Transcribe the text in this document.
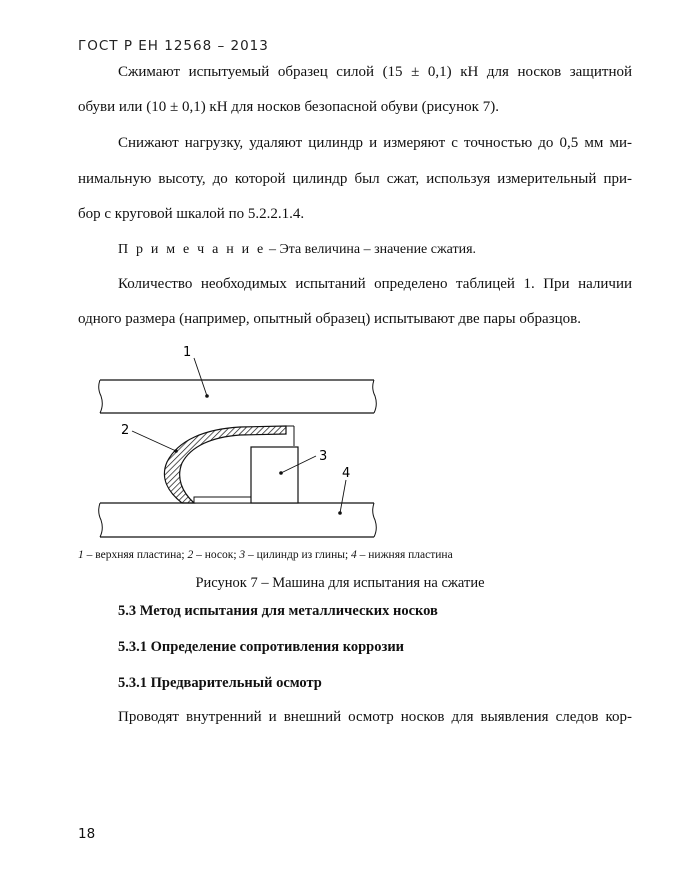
ГОСТ Р ЕН 12568 – 2013
Сжимают испытуемый образец силой (15 ± 0,1) кН для носков защитной
обуви или (10 ± 0,1) кН для носков безопасной обуви (рисунок 7).
Снижают нагрузку, удаляют цилиндр и измеряют с точностью до 0,5 мм ми-
нимальную высоту, до которой цилиндр был сжат, используя измерительный при-
бор с круговой шкалой по 5.2.2.1.4.
П р и м е ч а н и е – Эта величина – значение сжатия.
Количество необходимых испытаний определено таблицей 1. При наличии
одного размера (например, опытный образец) испытывают две пары образцов.
1
2
3
4
1 – верхняя пластина; 2 – носок; 3 – цилиндр из глины; 4 – нижняя пластина
Рисунок 7 – Машина для испытания на сжатие
5.3 Метод испытания для металлических носков
5.3.1 Определение сопротивления коррозии
5.3.1 Предварительный осмотр
Проводят внутренний и внешний осмотр носков для выявления следов кор-
18
